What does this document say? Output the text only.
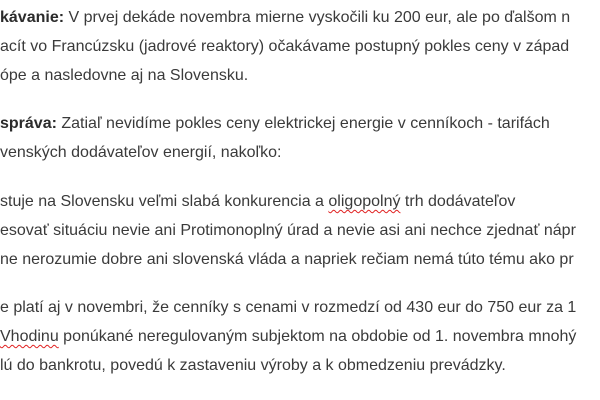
kávanie: V prvej dekáde novembra mierne vyskočili ku 200 eur, ale po ďalšom n
acít vo Francúzsku (jadrové reaktory) očakávame postupný pokles ceny v západ
ópe a nasledovne aj na Slovensku.
správa: Zatiaľ nevidíme pokles ceny elektrickej energie v cenníkoch - tarifách
venských dodávateľov energií, nakoľko:
stuje na Slovensku veľmi slabá konkurencia a oligopolný trh dodávateľov
esovať situáciu nevie ani Protimonoplný úrad a nevie asi ani nechce zjednať nápr
ne nerozumie dobre ani slovenská vláda a napriek rečiam nemá túto tému ako pr
e platí aj v novembri, že cenníky s cenami v rozmedzí od 430 eur do 750 eur za 1
Vhodinu ponúkané neregulovaným subjektom na obdobie od 1. novembra mnohý
lú do bankrotu, povedú k zastaveniu výroby a k obmedzeniu prevádzky.
